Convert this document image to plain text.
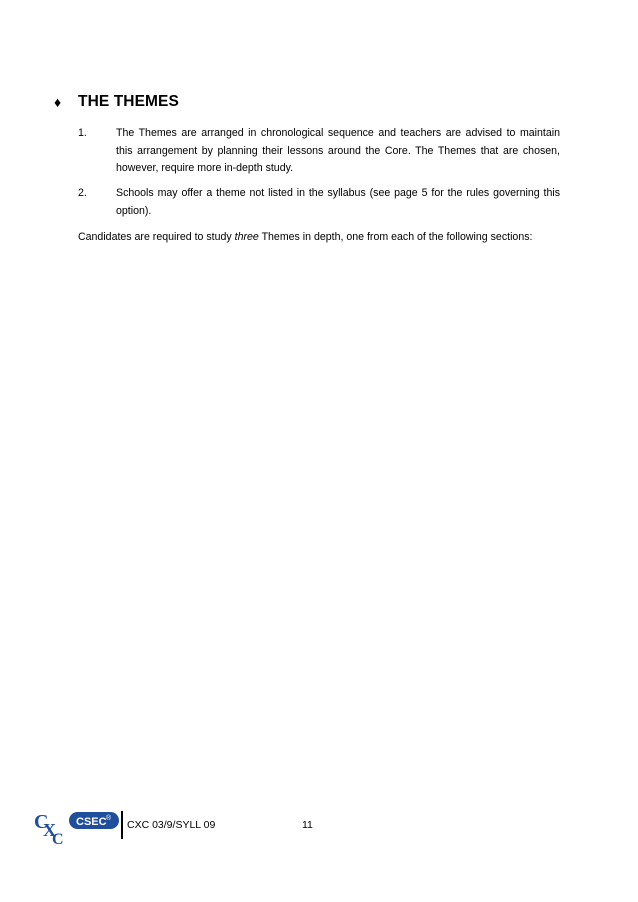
♦	THE THEMES
1.	The Themes are arranged in chronological sequence and teachers are advised to maintain this arrangement by planning their lessons around the Core. The Themes that are chosen, however, require more in-depth study.
2.	Schools may offer a theme not listed in the syllabus (see page 5 for the rules governing this option).

Candidates are required to study three Themes in depth, one from each of the following sections:

C
X
C
CSEC ®
CXC 03/9/SYLL 09	11
